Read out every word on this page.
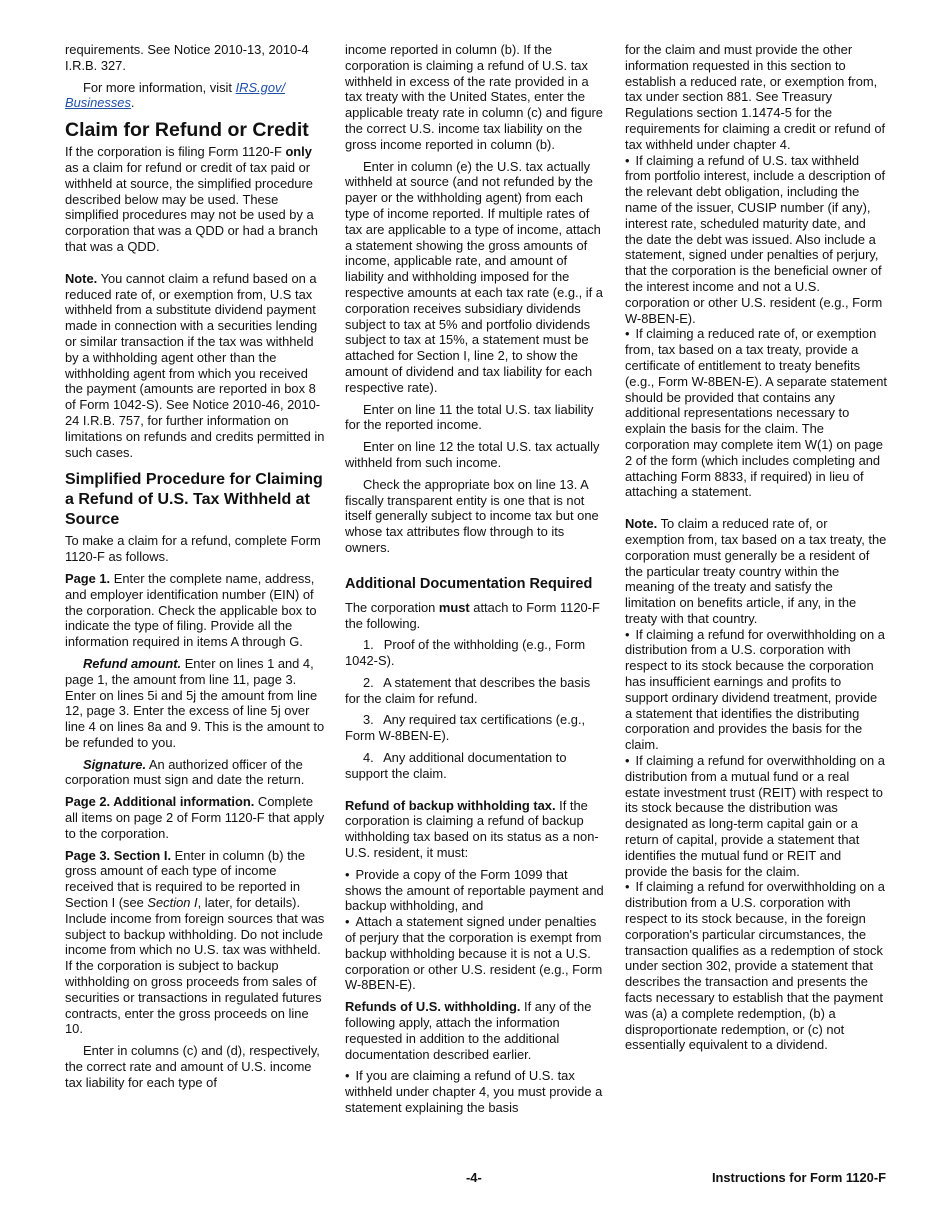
requirements. See Notice 2010-13, 2010-4 I.R.B. 327.

For more information, visit IRS.gov/ Businesses.

Claim for Refund or Credit

If the corporation is filing Form 1120-F only as a claim for refund or credit of tax paid or withheld at source, the simplified procedure described below may be used. These simplified procedures may not be used by a corporation that was a QDD or had a branch that was a QDD.

Note. You cannot claim a refund based on a reduced rate of, or exemption from, U.S tax withheld from a substitute dividend payment made in connection with a securities lending or similar transaction if the tax was withheld by a withholding agent other than the withholding agent from which you received the payment (amounts are reported in box 8 of Form 1042-S). See Notice 2010-46, 2010-24 I.R.B. 757, for further information on limitations on refunds and credits permitted in such cases.

Simplified Procedure for Claiming a Refund of U.S. Tax Withheld at Source

To make a claim for a refund, complete Form 1120-F as follows.

Page 1. Enter the complete name, address, and employer identification number (EIN) of the corporation. Check the applicable box to indicate the type of filing. Provide all the information required in items A through G.

Refund amount. Enter on lines 1 and 4, page 1, the amount from line 11, page 3. Enter on lines 5i and 5j the amount from line 12, page 3. Enter the excess of line 5j over line 4 on lines 8a and 9. This is the amount to be refunded to you.

Signature. An authorized officer of the corporation must sign and date the return.

Page 2. Additional information. Complete all items on page 2 of Form 1120-F that apply to the corporation.

Page 3. Section I. Enter in column (b) the gross amount of each type of income received that is required to be reported in Section I (see Section I, later, for details). Include income from foreign sources that was subject to backup withholding. Do not include income from which no U.S. tax was withheld. If the corporation is subject to backup withholding on gross proceeds from sales of securities or transactions in regulated futures contracts, enter the gross proceeds on line 10.

Enter in columns (c) and (d), respectively, the correct rate and amount of U.S. income tax liability for each type of

income reported in column (b). If the corporation is claiming a refund of U.S. tax withheld in excess of the rate provided in a tax treaty with the United States, enter the applicable treaty rate in column (c) and figure the correct U.S. income tax liability on the gross income reported in column (b).

Enter in column (e) the U.S. tax actually withheld at source (and not refunded by the payer or the withholding agent) from each type of income reported. If multiple rates of tax are applicable to a type of income, attach a statement showing the gross amounts of income, applicable rate, and amount of liability and withholding imposed for the respective amounts at each tax rate (e.g., if a corporation receives subsidiary dividends subject to tax at 5% and portfolio dividends subject to tax at 15%, a statement must be attached for Section I, line 2, to show the amount of dividend and tax liability for each respective rate).

Enter on line 11 the total U.S. tax liability for the reported income.

Enter on line 12 the total U.S. tax actually withheld from such income.

Check the appropriate box on line 13. A fiscally transparent entity is one that is not itself generally subject to income tax but one whose tax attributes flow through to its owners.

Additional Documentation Required

The corporation must attach to Form 1120-F the following.

1.  Proof of the withholding (e.g., Form 1042-S).

2.  A statement that describes the basis for the claim for refund.

3.  Any required tax certifications (e.g., Form W-8BEN-E).

4.  Any additional documentation to support the claim.

Refund of backup withholding tax. If the corporation is claiming a refund of backup withholding tax based on its status as a non-U.S. resident, it must:

• Provide a copy of the Form 1099 that shows the amount of reportable payment and backup withholding, and

• Attach a statement signed under penalties of perjury that the corporation is exempt from backup withholding because it is not a U.S. corporation or other U.S. resident (e.g., Form W-8BEN-E).

Refunds of U.S. withholding. If any of the following apply, attach the information requested in addition to the additional documentation described earlier.

• If you are claiming a refund of U.S. tax withheld under chapter 4, you must provide a statement explaining the basis

for the claim and must provide the other information requested in this section to establish a reduced rate, or exemption from, tax under section 881. See Treasury Regulations section 1.1474-5 for the requirements for claiming a credit or refund of tax withheld under chapter 4.

• If claiming a refund of U.S. tax withheld from portfolio interest, include a description of the relevant debt obligation, including the name of the issuer, CUSIP number (if any), interest rate, scheduled maturity date, and the date the debt was issued. Also include a statement, signed under penalties of perjury, that the corporation is the beneficial owner of the interest income and not a U.S. corporation or other U.S. resident (e.g., Form W-8BEN-E).

• If claiming a reduced rate of, or exemption from, tax based on a tax treaty, provide a certificate of entitlement to treaty benefits (e.g., Form W-8BEN-E). A separate statement should be provided that contains any additional representations necessary to explain the basis for the claim. The corporation may complete item W(1) on page 2 of the form (which includes completing and attaching Form 8833, if required) in lieu of attaching a statement.

Note. To claim a reduced rate of, or exemption from, tax based on a tax treaty, the corporation must generally be a resident of the particular treaty country within the meaning of the treaty and satisfy the limitation on benefits article, if any, in the treaty with that country.

• If claiming a refund for overwithholding on a distribution from a U.S. corporation with respect to its stock because the corporation has insufficient earnings and profits to support ordinary dividend treatment, provide a statement that identifies the distributing corporation and provides the basis for the claim.

• If claiming a refund for overwithholding on a distribution from a mutual fund or a real estate investment trust (REIT) with respect to its stock because the distribution was designated as long-term capital gain or a return of capital, provide a statement that identifies the mutual fund or REIT and provide the basis for the claim.

• If claiming a refund for overwithholding on a distribution from a U.S. corporation with respect to its stock because, in the foreign corporation's particular circumstances, the transaction qualifies as a redemption of stock under section 302, provide a statement that describes the transaction and presents the facts necessary to establish that the payment was (a) a complete redemption, (b) a disproportionate redemption, or (c) not essentially equivalent to a dividend.

-4-	Instructions for Form 1120-F
